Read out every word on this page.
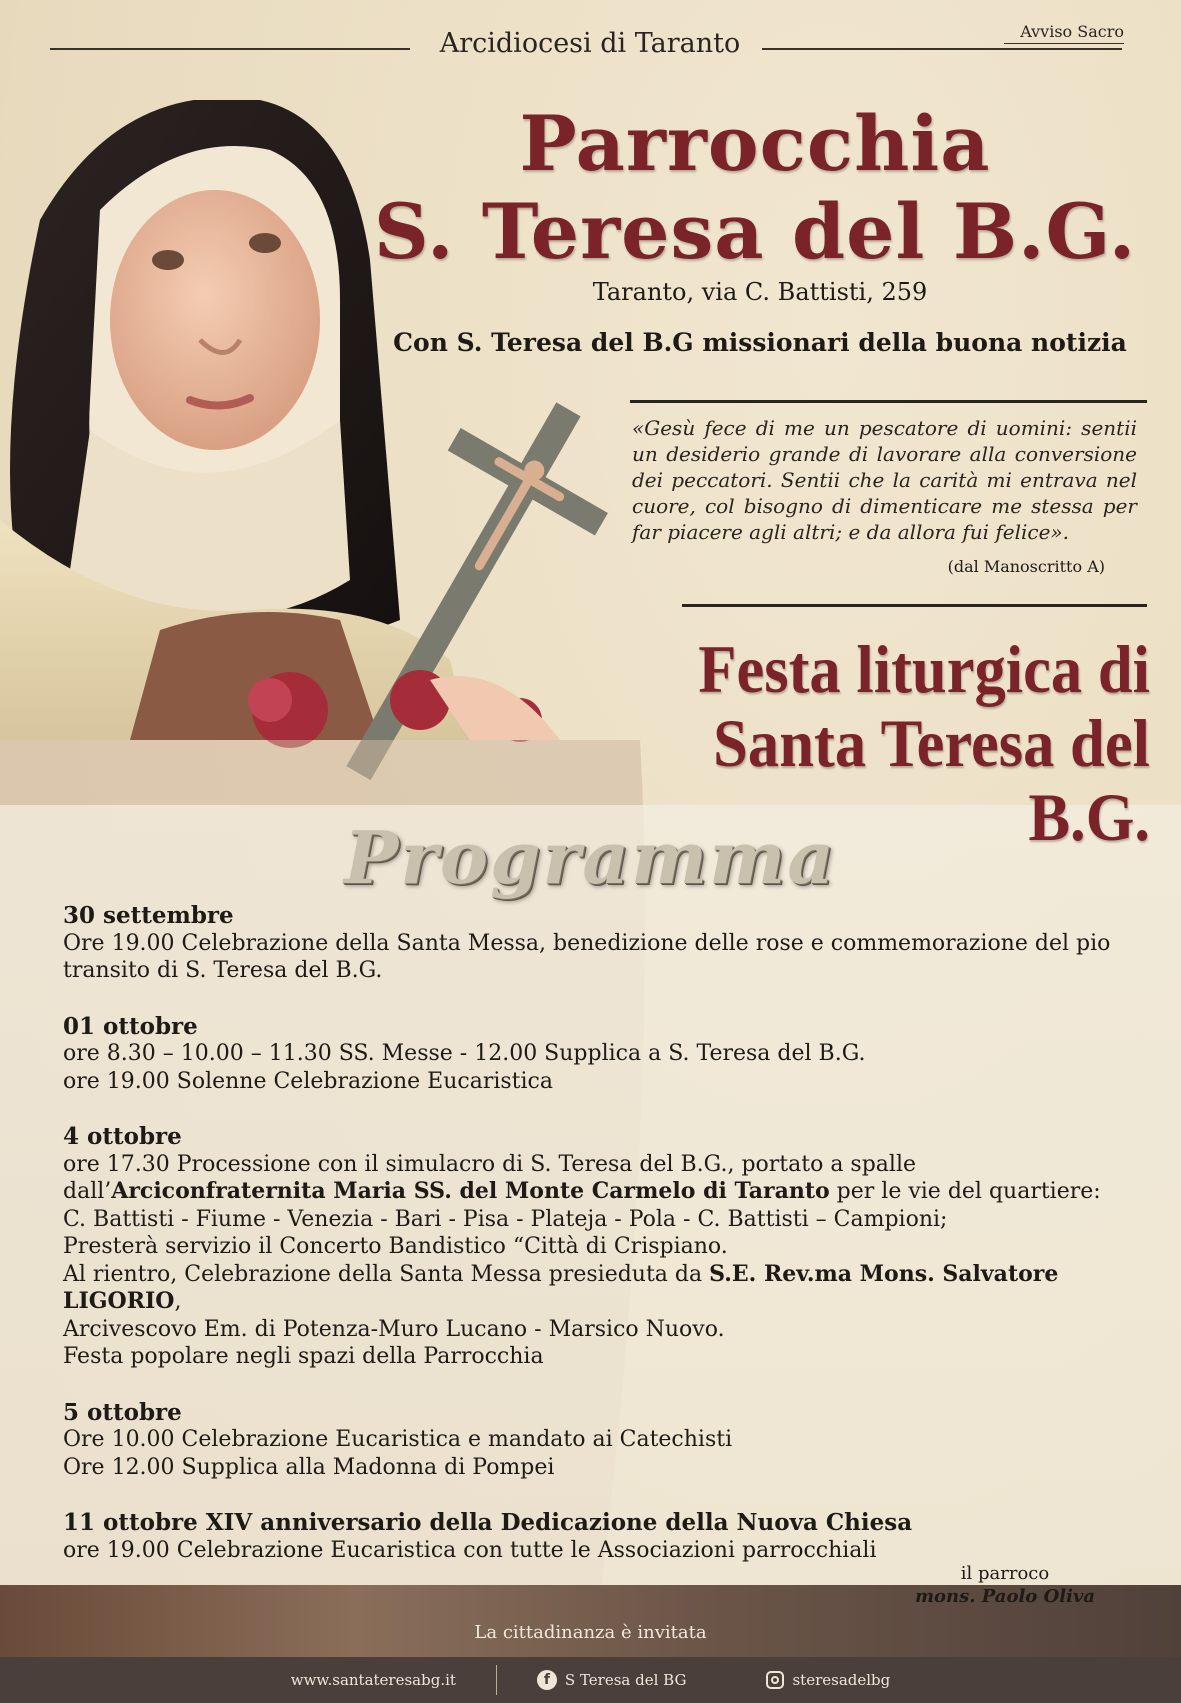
Arcidiocesi di Taranto	Avviso Sacro
Parrocchia
S. Teresa del B.G.
Taranto, via C. Battisti, 259
Con S. Teresa del B.G missionari della buona notizia
«Gesù fece di me un pescatore di uomini: sentii un desiderio grande di lavorare alla conversione dei peccatori. Sentii che la carità mi entrava nel cuore, col bisogno di dimenticare me stessa per far piacere agli altri; e da allora fui felice».
(dal Manoscritto A)
Festa liturgica di
Santa Teresa del B.G.
Programma
30 settembre

Ore 19.00 Celebrazione della Santa Messa, benedizione delle rose e commemorazione del pio transito di S. Teresa del B.G.

01 ottobre

ore 8.30 – 10.00 – 11.30 SS. Messe - 12.00 Supplica a S. Teresa del B.G.

ore 19.00 Solenne Celebrazione Eucaristica

4 ottobre

ore 17.30 Processione con il simulacro di S. Teresa del B.G., portato a spalle dall’Arciconfraternita Maria SS. del Monte Carmelo di Taranto per le vie del quartiere:

C. Battisti - Fiume - Venezia - Bari - Pisa - Plateja - Pola - C. Battisti – Campioni;

Presterà servizio il Concerto Bandistico “Città di Crispiano.

Al rientro, Celebrazione della Santa Messa presieduta da S.E. Rev.ma Mons. Salvatore LIGORIO,

Arcivescovo Em. di Potenza-Muro Lucano - Marsico Nuovo.

Festa popolare negli spazi della Parrocchia

5 ottobre

Ore 10.00 Celebrazione Eucaristica e mandato ai Catechisti

Ore 12.00 Supplica alla Madonna di Pompei

11 ottobre XIV anniversario della Dedicazione della Nuova Chiesa

ore 19.00 Celebrazione Eucaristica con tutte le Associazioni parrocchiali

il parroco
mons. Paolo Oliva
La cittadinanza è invitata
www.santateresabg.it	f S Teresa del BG	steresadelbg
